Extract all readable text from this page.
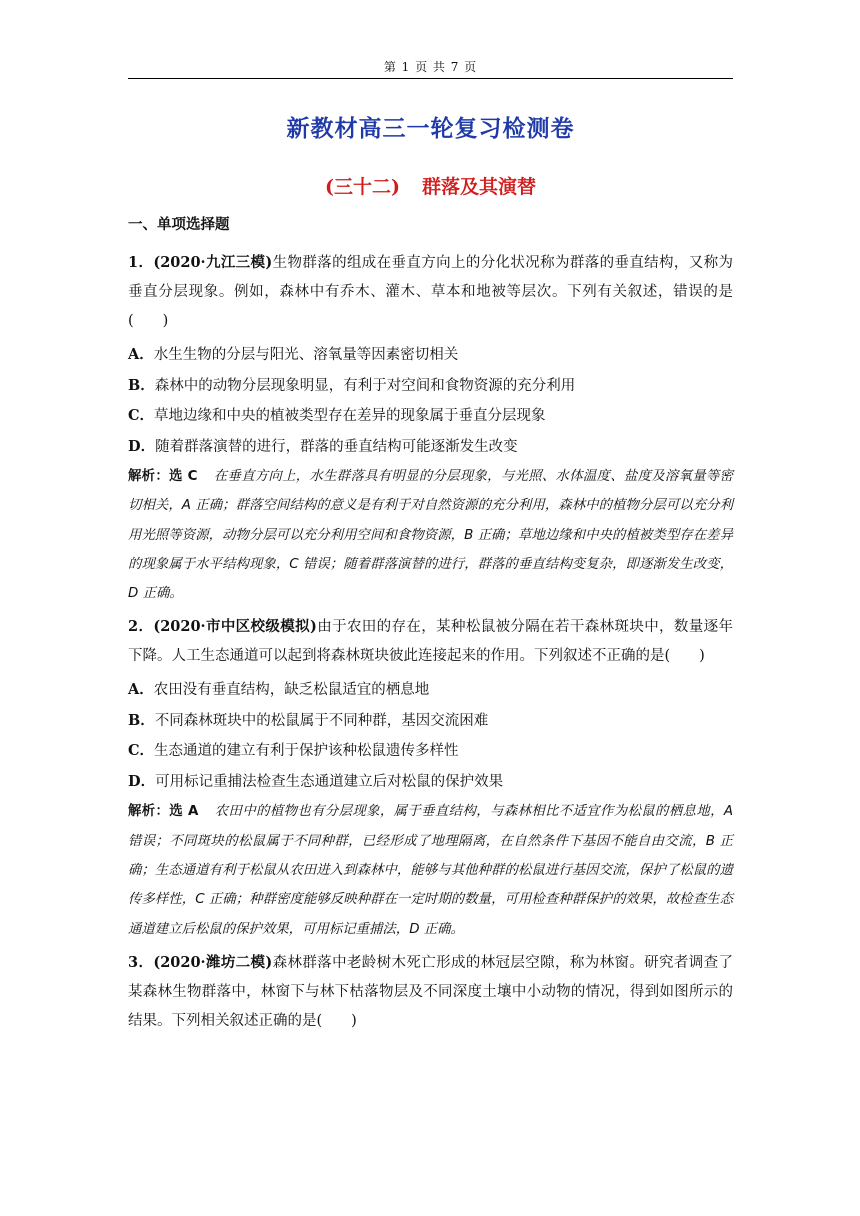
第 1 页 共 7 页
新教材高三一轮复习检测卷
(三十二) 群落及其演替
一、单项选择题
1．(2020·九江三模)生物群落的组成在垂直方向上的分化状况称为群落的垂直结构，又称为垂直分层现象。例如，森林中有乔木、灌木、草本和地被等层次。下列有关叙述，错误的是(　　)
A．水生生物的分层与阳光、溶氧量等因素密切相关
B．森林中的动物分层现象明显，有利于对空间和食物资源的充分利用
C．草地边缘和中央的植被类型存在差异的现象属于垂直分层现象
D．随着群落演替的进行，群落的垂直结构可能逐渐发生改变
解析：选 C 在垂直方向上，水生群落具有明显的分层现象，与光照、水体温度、盐度及溶氧量等密切相关，A 正确；群落空间结构的意义是有利于对自然资源的充分利用，森林中的植物分层可以充分利用光照等资源，动物分层可以充分利用空间和食物资源，B 正确；草地边缘和中央的植被类型存在差异的现象属于水平结构现象，C 错误；随着群落演替的进行，群落的垂直结构变复杂，即逐渐发生改变，D 正确。
2．(2020·市中区校级模拟)由于农田的存在，某种松鼠被分隔在若干森林斑块中，数量逐年下降。人工生态通道可以起到将森林斑块彼此连接起来的作用。下列叙述不正确的是(　　)
A．农田没有垂直结构，缺乏松鼠适宜的栖息地
B．不同森林斑块中的松鼠属于不同种群，基因交流困难
C．生态通道的建立有利于保护该种松鼠遗传多样性
D．可用标记重捕法检查生态通道建立后对松鼠的保护效果
解析：选 A 农田中的植物也有分层现象，属于垂直结构，与森林相比不适宜作为松鼠的栖息地，A 错误；不同斑块的松鼠属于不同种群，已经形成了地理隔离，在自然条件下基因不能自由交流，B 正确；生态通道有利于松鼠从农田进入到森林中，能够与其他种群的松鼠进行基因交流，保护了松鼠的遗传多样性，C 正确；种群密度能够反映种群在一定时期的数量，可用检查种群保护的效果，故检查生态通道建立后松鼠的保护效果，可用标记重捕法，D 正确。
3．(2020·潍坊二模)森林群落中老龄树木死亡形成的林冠层空隙，称为林窗。研究者调查了某森林生物群落中，林窗下与林下枯落物层及不同深度土壤中小动物的情况，得到如图所示的结果。下列相关叙述正确的是(　　)
